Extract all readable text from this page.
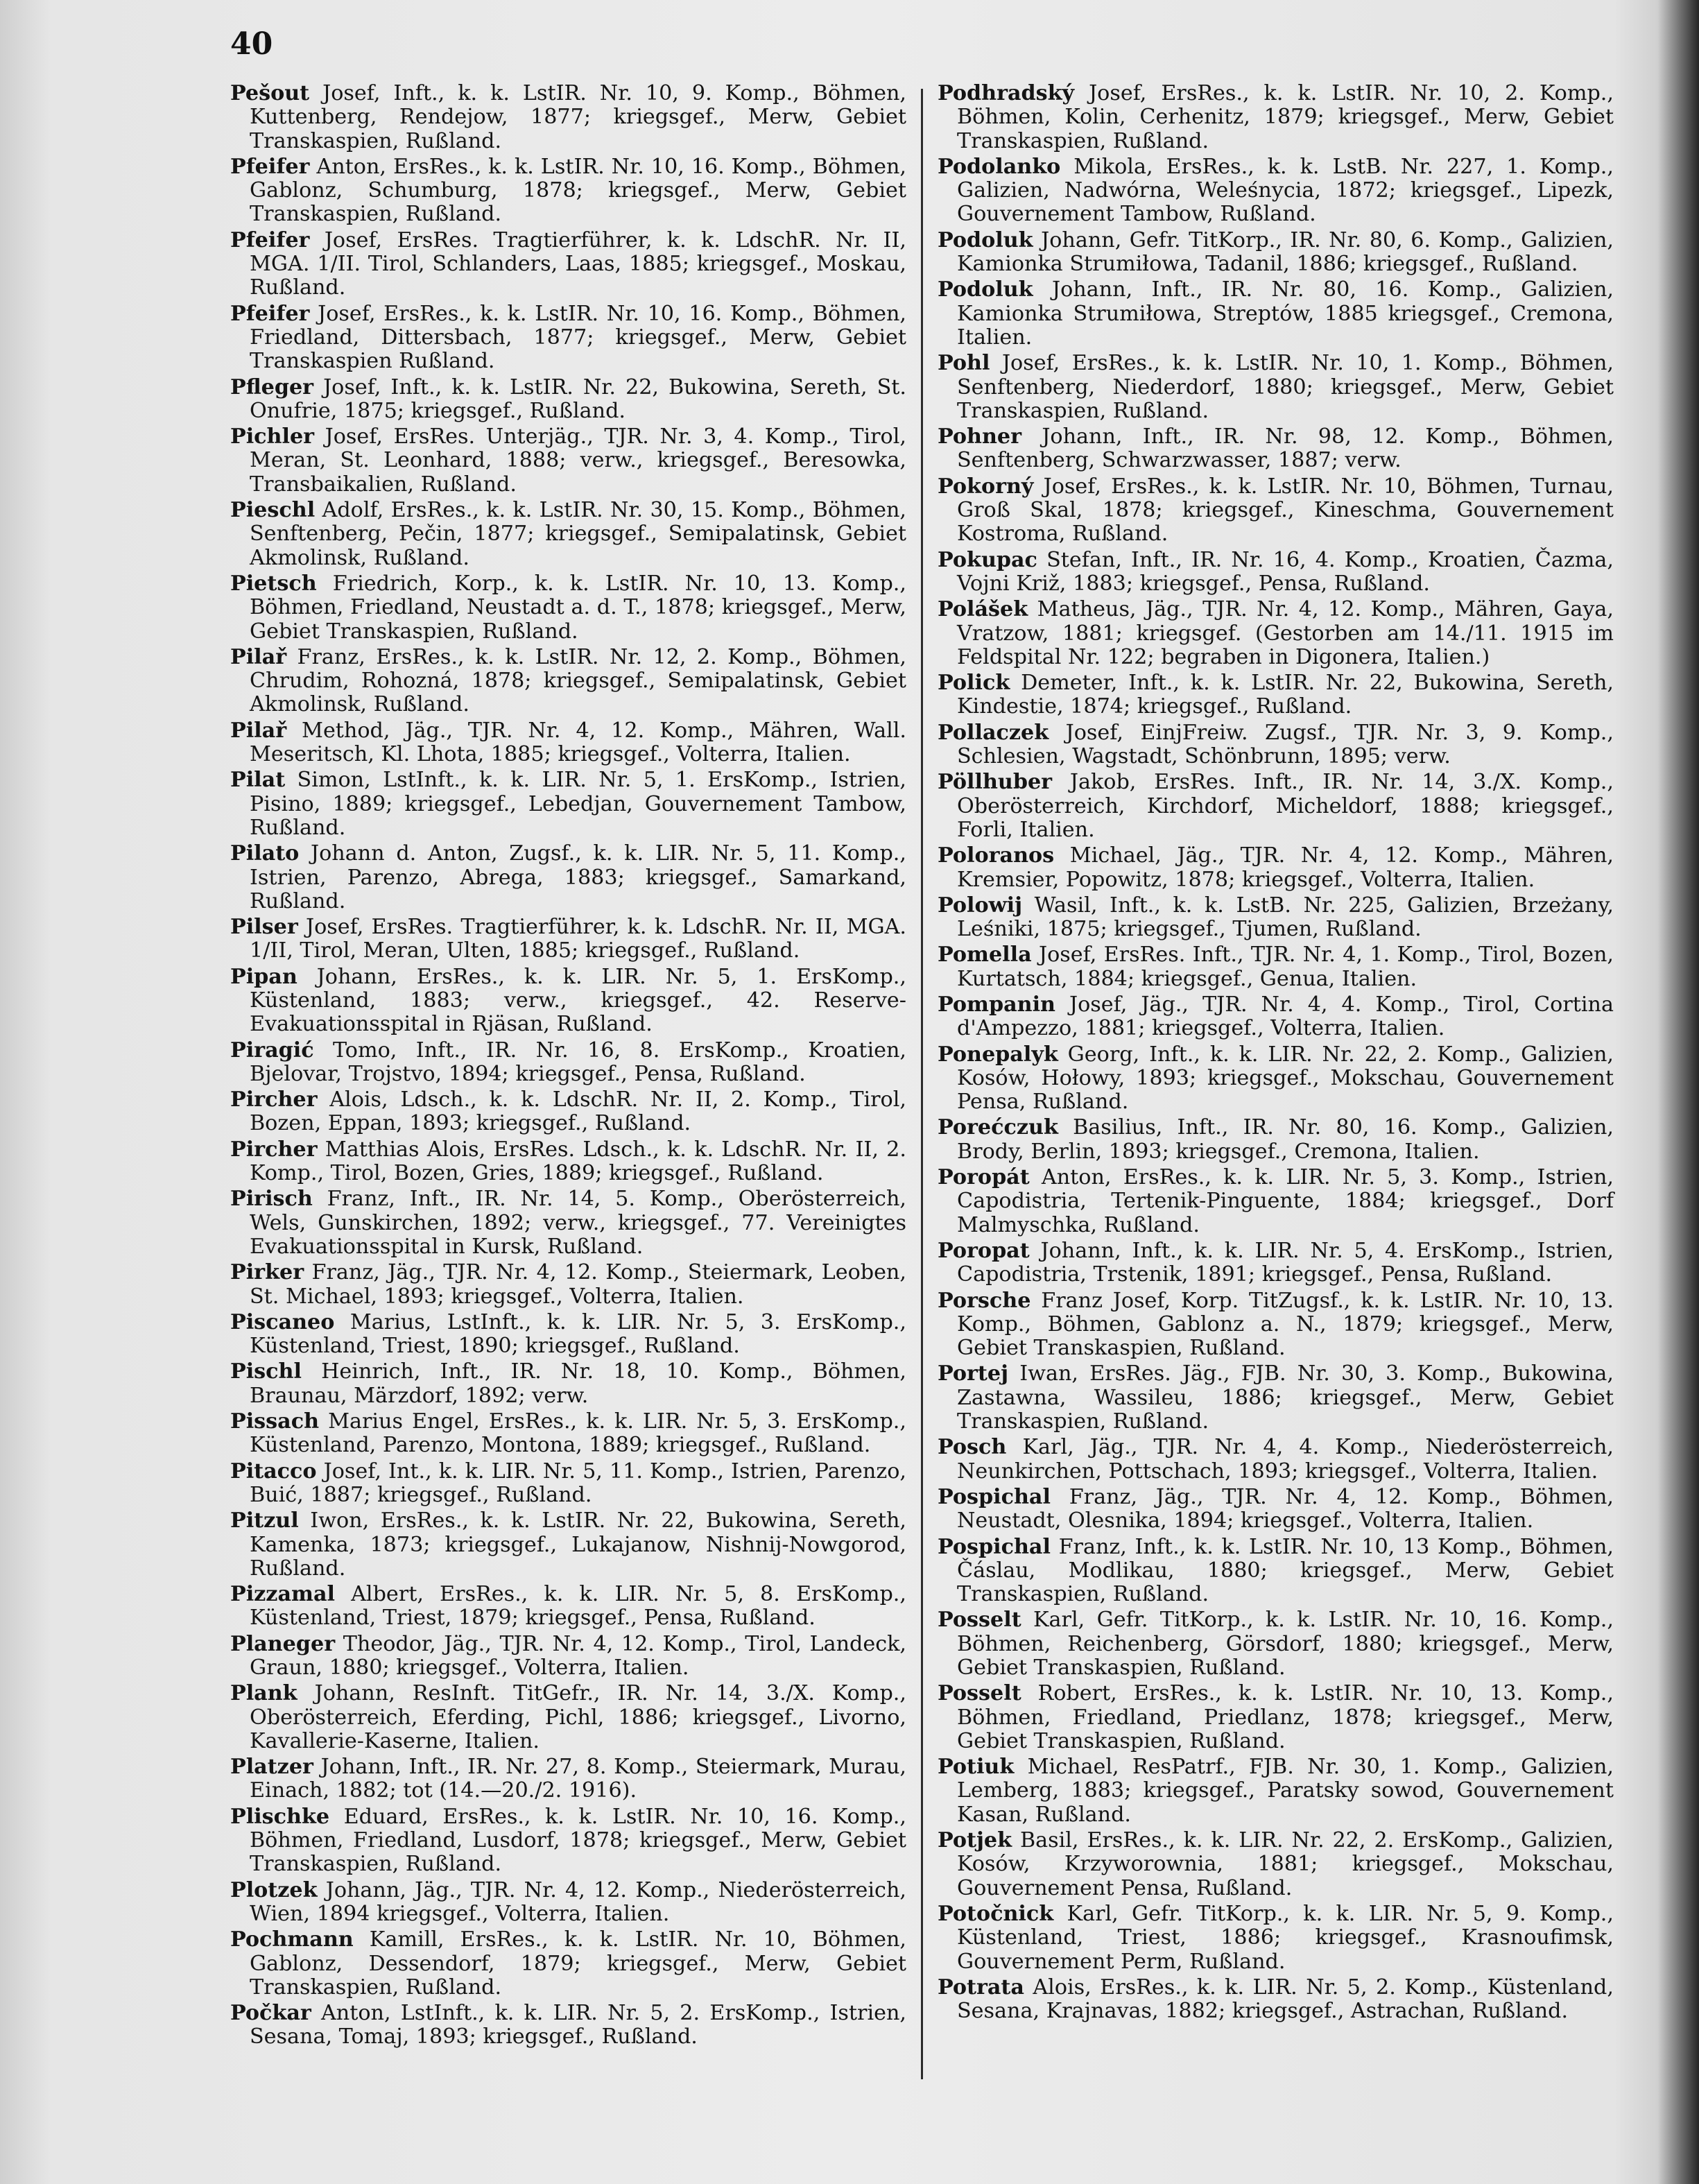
40
Pešout Josef, Inft., k. k. LstIR. Nr. 10, 9. Komp., Böhmen, Kuttenberg, Rendejow, 1877; kriegsgef., Merw, Gebiet Transkaspien, Rußland.
Pfeifer Anton, ErsRes., k. k. LstIR. Nr. 10, 16. Komp., Böhmen, Gablonz, Schumburg, 1878; kriegsgef., Merw, Gebiet Transkaspien, Rußland.
Pfeifer Josef, ErsRes. Tragtierführer, k. k. LdschR. Nr. II, MGA. 1/II. Tirol, Schlanders, Laas, 1885; kriegsgef., Moskau, Rußland.
Pfeifer Josef, ErsRes., k. k. LstIR. Nr. 10, 16. Komp., Böhmen, Friedland, Dittersbach, 1877; kriegsgef., Merw, Gebiet Transkaspien Rußland.
Pfleger Josef, Inft., k. k. LstIR. Nr. 22, Bukowina, Sereth, St. Onufrie, 1875; kriegsgef., Rußland.
Pichler Josef, ErsRes. Unterjäg., TJR. Nr. 3, 4. Komp., Tirol, Meran, St. Leonhard, 1888; verw., kriegsgef., Beresowka, Transbaikalien, Rußland.
Pieschl Adolf, ErsRes., k. k. LstIR. Nr. 30, 15. Komp., Böhmen, Senftenberg, Pečin, 1877; kriegsgef., Semipalatinsk, Gebiet Akmolinsk, Rußland.
Pietsch Friedrich, Korp., k. k. LstIR. Nr. 10, 13. Komp., Böhmen, Friedland, Neustadt a. d. T., 1878; kriegsgef., Merw, Gebiet Transkaspien, Rußland.
Pilař Franz, ErsRes., k. k. LstIR. Nr. 12, 2. Komp., Böhmen, Chrudim, Rohozná, 1878; kriegsgef., Semipalatinsk, Gebiet Akmolinsk, Rußland.
Pilař Method, Jäg., TJR. Nr. 4, 12. Komp., Mähren, Wall. Meseritsch, Kl. Lhota, 1885; kriegsgef., Volterra, Italien.
Pilat Simon, LstInft., k. k. LIR. Nr. 5, 1. ErsKomp., Istrien, Pisino, 1889; kriegsgef., Lebedjan, Gouvernement Tambow, Rußland.
Pilato Johann d. Anton, Zugsf., k. k. LIR. Nr. 5, 11. Komp., Istrien, Parenzo, Abrega, 1883; kriegsgef., Samarkand, Rußland.
Pilser Josef, ErsRes. Tragtierführer, k. k. LdschR. Nr. II, MGA. 1/II, Tirol, Meran, Ulten, 1885; kriegsgef., Rußland.
Pipan Johann, ErsRes., k. k. LIR. Nr. 5, 1. ErsKomp., Küstenland, 1883; verw., kriegsgef., 42. Reserve-Evakuationsspital in Rjäsan, Rußland.
Piragić Tomo, Inft., IR. Nr. 16, 8. ErsKomp., Kroatien, Bjelovar, Trojstvo, 1894; kriegsgef., Pensa, Rußland.
Pircher Alois, Ldsch., k. k. LdschR. Nr. II, 2. Komp., Tirol, Bozen, Eppan, 1893; kriegsgef., Rußland.
Pircher Matthias Alois, ErsRes. Ldsch., k. k. LdschR. Nr. II, 2. Komp., Tirol, Bozen, Gries, 1889; kriegsgef., Rußland.
Pirisch Franz, Inft., IR. Nr. 14, 5. Komp., Oberösterreich, Wels, Gunskirchen, 1892; verw., kriegsgef., 77. Vereinigtes Evakuationsspital in Kursk, Rußland.
Pirker Franz, Jäg., TJR. Nr. 4, 12. Komp., Steiermark, Leoben, St. Michael, 1893; kriegsgef., Volterra, Italien.
Piscaneo Marius, LstInft., k. k. LIR. Nr. 5, 3. ErsKomp., Küstenland, Triest, 1890; kriegsgef., Rußland.
Pischl Heinrich, Inft., IR. Nr. 18, 10. Komp., Böhmen, Braunau, Märzdorf, 1892; verw.
Pissach Marius Engel, ErsRes., k. k. LIR. Nr. 5, 3. ErsKomp., Küstenland, Parenzo, Montona, 1889; kriegsgef., Rußland.
Pitacco Josef, Int., k. k. LIR. Nr. 5, 11. Komp., Istrien, Parenzo, Buić, 1887; kriegsgef., Rußland.
Pitzul Iwon, ErsRes., k. k. LstIR. Nr. 22, Bukowina, Sereth, Kamenka, 1873; kriegsgef., Lukajanow, Nishnij-Nowgorod, Rußland.
Pizzamal Albert, ErsRes., k. k. LIR. Nr. 5, 8. ErsKomp., Küstenland, Triest, 1879; kriegsgef., Pensa, Rußland.
Planeger Theodor, Jäg., TJR. Nr. 4, 12. Komp., Tirol, Landeck, Graun, 1880; kriegsgef., Volterra, Italien.
Plank Johann, ResInft. TitGefr., IR. Nr. 14, 3./X. Komp., Oberösterreich, Eferding, Pichl, 1886; kriegsgef., Livorno, Kavallerie-Kaserne, Italien.
Platzer Johann, Inft., IR. Nr. 27, 8. Komp., Steiermark, Murau, Einach, 1882; tot (14.—20./2. 1916).
Plischke Eduard, ErsRes., k. k. LstIR. Nr. 10, 16. Komp., Böhmen, Friedland, Lusdorf, 1878; kriegsgef., Merw, Gebiet Transkaspien, Rußland.
Plotzek Johann, Jäg., TJR. Nr. 4, 12. Komp., Niederösterreich, Wien, 1894 kriegsgef., Volterra, Italien.
Pochmann Kamill, ErsRes., k. k. LstIR. Nr. 10, Böhmen, Gablonz, Dessendorf, 1879; kriegsgef., Merw, Gebiet Transkaspien, Rußland.
Počkar Anton, LstInft., k. k. LIR. Nr. 5, 2. ErsKomp., Istrien, Sesana, Tomaj, 1893; kriegsgef., Rußland.
Podhradský Josef, ErsRes., k. k. LstIR. Nr. 10, 2. Komp., Böhmen, Kolin, Cerhenitz, 1879; kriegsgef., Merw, Gebiet Transkaspien, Rußland.
Podolanko Mikola, ErsRes., k. k. LstB. Nr. 227, 1. Komp., Galizien, Nadwórna, Weleśnycia, 1872; kriegsgef., Lipezk, Gouvernement Tambow, Rußland.
Podoluk Johann, Gefr. TitKorp., IR. Nr. 80, 6. Komp., Galizien, Kamionka Strumiłowa, Tadanil, 1886; kriegsgef., Rußland.
Podoluk Johann, Inft., IR. Nr. 80, 16. Komp., Galizien, Kamionka Strumiłowa, Streptów, 1885 kriegsgef., Cremona, Italien.
Pohl Josef, ErsRes., k. k. LstIR. Nr. 10, 1. Komp., Böhmen, Senftenberg, Niederdorf, 1880; kriegsgef., Merw, Gebiet Transkaspien, Rußland.
Pohner Johann, Inft., IR. Nr. 98, 12. Komp., Böhmen, Senftenberg, Schwarzwasser, 1887; verw.
Pokorný Josef, ErsRes., k. k. LstIR. Nr. 10, Böhmen, Turnau, Groß Skal, 1878; kriegsgef., Kineschma, Gouvernement Kostroma, Rußland.
Pokupac Stefan, Inft., IR. Nr. 16, 4. Komp., Kroatien, Čazma, Vojni Križ, 1883; kriegsgef., Pensa, Rußland.
Polášek Matheus, Jäg., TJR. Nr. 4, 12. Komp., Mähren, Gaya, Vratzow, 1881; kriegsgef. (Gestorben am 14./11. 1915 im Feldspital Nr. 122; begraben in Digonera, Italien.)
Polick Demeter, Inft., k. k. LstIR. Nr. 22, Bukowina, Sereth, Kindestie, 1874; kriegsgef., Rußland.
Pollaczek Josef, EinjFreiw. Zugsf., TJR. Nr. 3, 9. Komp., Schlesien, Wagstadt, Schönbrunn, 1895; verw.
Pöllhuber Jakob, ErsRes. Inft., IR. Nr. 14, 3./X. Komp., Oberösterreich, Kirchdorf, Micheldorf, 1888; kriegsgef., Forli, Italien.
Poloranos Michael, Jäg., TJR. Nr. 4, 12. Komp., Mähren, Kremsier, Popowitz, 1878; kriegsgef., Volterra, Italien.
Polowij Wasil, Inft., k. k. LstB. Nr. 225, Galizien, Brzeżany, Leśniki, 1875; kriegsgef., Tjumen, Rußland.
Pomella Josef, ErsRes. Inft., TJR. Nr. 4, 1. Komp., Tirol, Bozen, Kurtatsch, 1884; kriegsgef., Genua, Italien.
Pompanin Josef, Jäg., TJR. Nr. 4, 4. Komp., Tirol, Cortina d'Ampezzo, 1881; kriegsgef., Volterra, Italien.
Ponepalyk Georg, Inft., k. k. LIR. Nr. 22, 2. Komp., Galizien, Kosów, Hołowy, 1893; kriegsgef., Mokschau, Gouvernement Pensa, Rußland.
Porećczuk Basilius, Inft., IR. Nr. 80, 16. Komp., Galizien, Brody, Berlin, 1893; kriegsgef., Cremona, Italien.
Poropát Anton, ErsRes., k. k. LIR. Nr. 5, 3. Komp., Istrien, Capodistria, Tertenik-Pinguente, 1884; kriegsgef., Dorf Malmyschka, Rußland.
Poropat Johann, Inft., k. k. LIR. Nr. 5, 4. ErsKomp., Istrien, Capodistria, Trstenik, 1891; kriegsgef., Pensa, Rußland.
Porsche Franz Josef, Korp. TitZugsf., k. k. LstIR. Nr. 10, 13. Komp., Böhmen, Gablonz a. N., 1879; kriegsgef., Merw, Gebiet Transkaspien, Rußland.
Portej Iwan, ErsRes. Jäg., FJB. Nr. 30, 3. Komp., Bukowina, Zastawna, Wassileu, 1886; kriegsgef., Merw, Gebiet Transkaspien, Rußland.
Posch Karl, Jäg., TJR. Nr. 4, 4. Komp., Niederösterreich, Neunkirchen, Pottschach, 1893; kriegsgef., Volterra, Italien.
Pospichal Franz, Jäg., TJR. Nr. 4, 12. Komp., Böhmen, Neustadt, Olesnika, 1894; kriegsgef., Volterra, Italien.
Pospichal Franz, Inft., k. k. LstIR. Nr. 10, 13 Komp., Böhmen, Čáslau, Modlikau, 1880; kriegsgef., Merw, Gebiet Transkaspien, Rußland.
Posselt Karl, Gefr. TitKorp., k. k. LstIR. Nr. 10, 16. Komp., Böhmen, Reichenberg, Görsdorf, 1880; kriegsgef., Merw, Gebiet Transkaspien, Rußland.
Posselt Robert, ErsRes., k. k. LstIR. Nr. 10, 13. Komp., Böhmen, Friedland, Priedlanz, 1878; kriegsgef., Merw, Gebiet Transkaspien, Rußland.
Potiuk Michael, ResPatrf., FJB. Nr. 30, 1. Komp., Galizien, Lemberg, 1883; kriegsgef., Paratsky sowod, Gouvernement Kasan, Rußland.
Potjek Basil, ErsRes., k. k. LIR. Nr. 22, 2. ErsKomp., Galizien, Kosów, Krzyworownia, 1881; kriegsgef., Mokschau, Gouvernement Pensa, Rußland.
Potočnick Karl, Gefr. TitKorp., k. k. LIR. Nr. 5, 9. Komp., Küstenland, Triest, 1886; kriegsgef., Krasnoufimsk, Gouvernement Perm, Rußland.
Potrata Alois, ErsRes., k. k. LIR. Nr. 5, 2. Komp., Küstenland, Sesana, Krajnavas, 1882; kriegsgef., Astrachan, Rußland.
